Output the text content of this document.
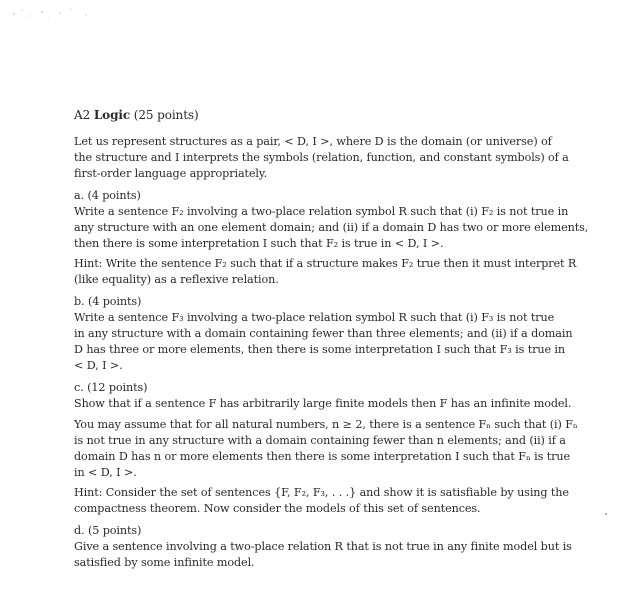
A2 Logic (25 points)
Let us represent structures as a pair, < D, I >, where D is the domain (or universe) of
the structure and I interprets the symbols (relation, function, and constant symbols) of a
first-order language appropriately.
a. (4 points)
Write a sentence F₂ involving a two-place relation symbol R such that (i) F₂ is not true in
any structure with an one element domain; and (ii) if a domain D has two or more elements,
then there is some interpretation I such that F₂ is true in < D, I >.
Hint: Write the sentence F₂ such that if a structure makes F₂ true then it must interpret R
(like equality) as a reflexive relation.
b. (4 points)
Write a sentence F₃ involving a two-place relation symbol R such that (i) F₃ is not true
in any structure with a domain containing fewer than three elements; and (ii) if a domain
D has three or more elements, then there is some interpretation I such that F₃ is true in
< D, I >.
c. (12 points)
Show that if a sentence F has arbitrarily large finite models then F has an infinite model.
You may assume that for all natural numbers, n ≥ 2, there is a sentence Fₙ such that (i) Fₙ
is not true in any structure with a domain containing fewer than n elements; and (ii) if a
domain D has n or more elements then there is some interpretation I such that Fₙ is true
in < D, I >.
Hint: Consider the set of sentences {F, F₂, F₃, . . .} and show it is satisfiable by using the
compactness theorem. Now consider the models of this set of sentences.
d. (5 points)
Give a sentence involving a two-place relation R that is not true in any finite model but is
satisfied by some infinite model.
